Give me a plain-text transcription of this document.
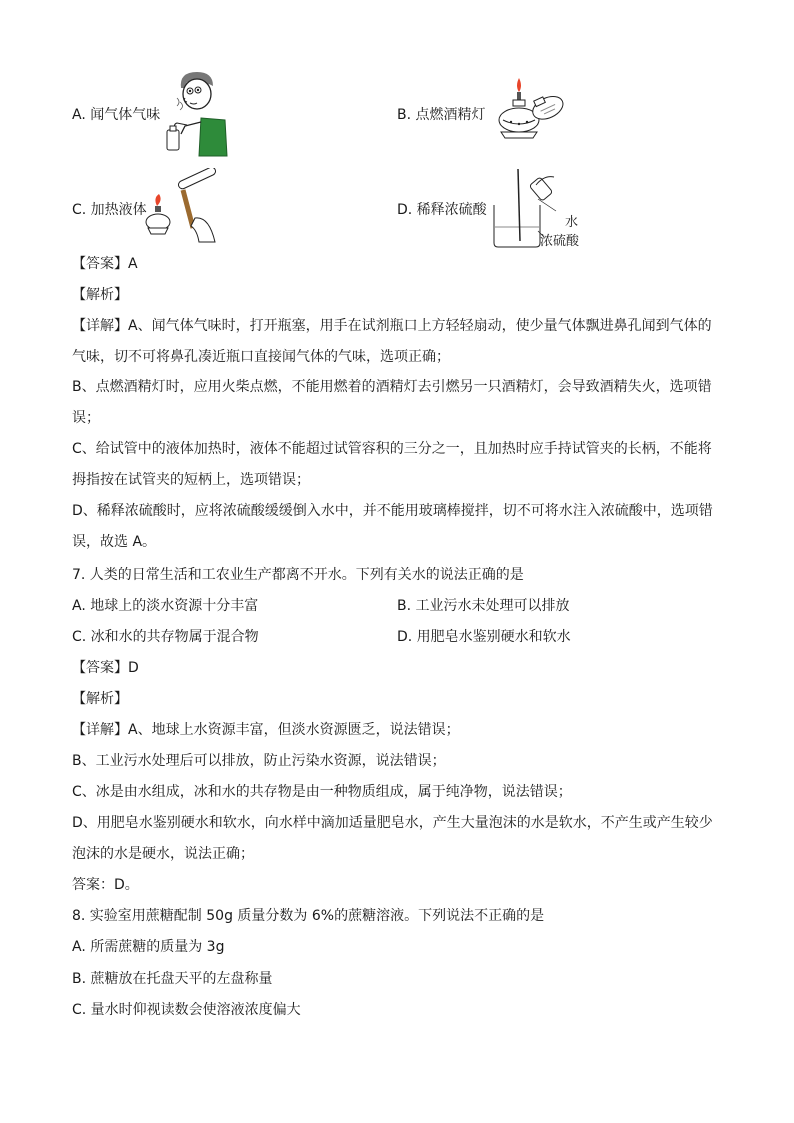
A. 闻气体气味	B. 点燃酒精灯
C. 加热液体	D. 稀释浓硫酸
水
浓硫酸
【答案】A
【解析】
【详解】A、闻气体气味时，打开瓶塞，用手在试剂瓶口上方轻轻扇动，使少量气体飘进鼻孔闻到气体的
气味，切不可将鼻孔凑近瓶口直接闻气体的气味，选项正确；
B、点燃酒精灯时，应用火柴点燃，不能用燃着的酒精灯去引燃另一只酒精灯，会导致酒精失火，选项错
误；
C、给试管中的液体加热时，液体不能超过试管容积的三分之一，且加热时应手持试管夹的长柄，不能将
拇指按在试管夹的短柄上，选项错误；
D、稀释浓硫酸时，应将浓硫酸缓缓倒入水中，并不能用玻璃棒搅拌，切不可将水注入浓硫酸中，选项错
误，故选 A。
7. 人类的日常生活和工农业生产都离不开水。下列有关水的说法正确的是
A. 地球上的淡水资源十分丰富	B. 工业污水未处理可以排放
C. 冰和水的共存物属于混合物	D. 用肥皂水鉴别硬水和软水
【答案】D
【解析】
【详解】A、地球上水资源丰富，但淡水资源匮乏，说法错误；
B、工业污水处理后可以排放，防止污染水资源，说法错误；
C、冰是由水组成，冰和水的共存物是由一种物质组成，属于纯净物，说法错误；
D、用肥皂水鉴别硬水和软水，向水样中滴加适量肥皂水，产生大量泡沫的水是软水，不产生或产生较少
泡沫的水是硬水，说法正确；
答案：D。
8. 实验室用蔗糖配制 50g 质量分数为 6%的蔗糖溶液。下列说法不正确的是
A. 所需蔗糖的质量为 3g
B. 蔗糖放在托盘天平的左盘称量
C. 量水时仰视读数会使溶液浓度偏大
